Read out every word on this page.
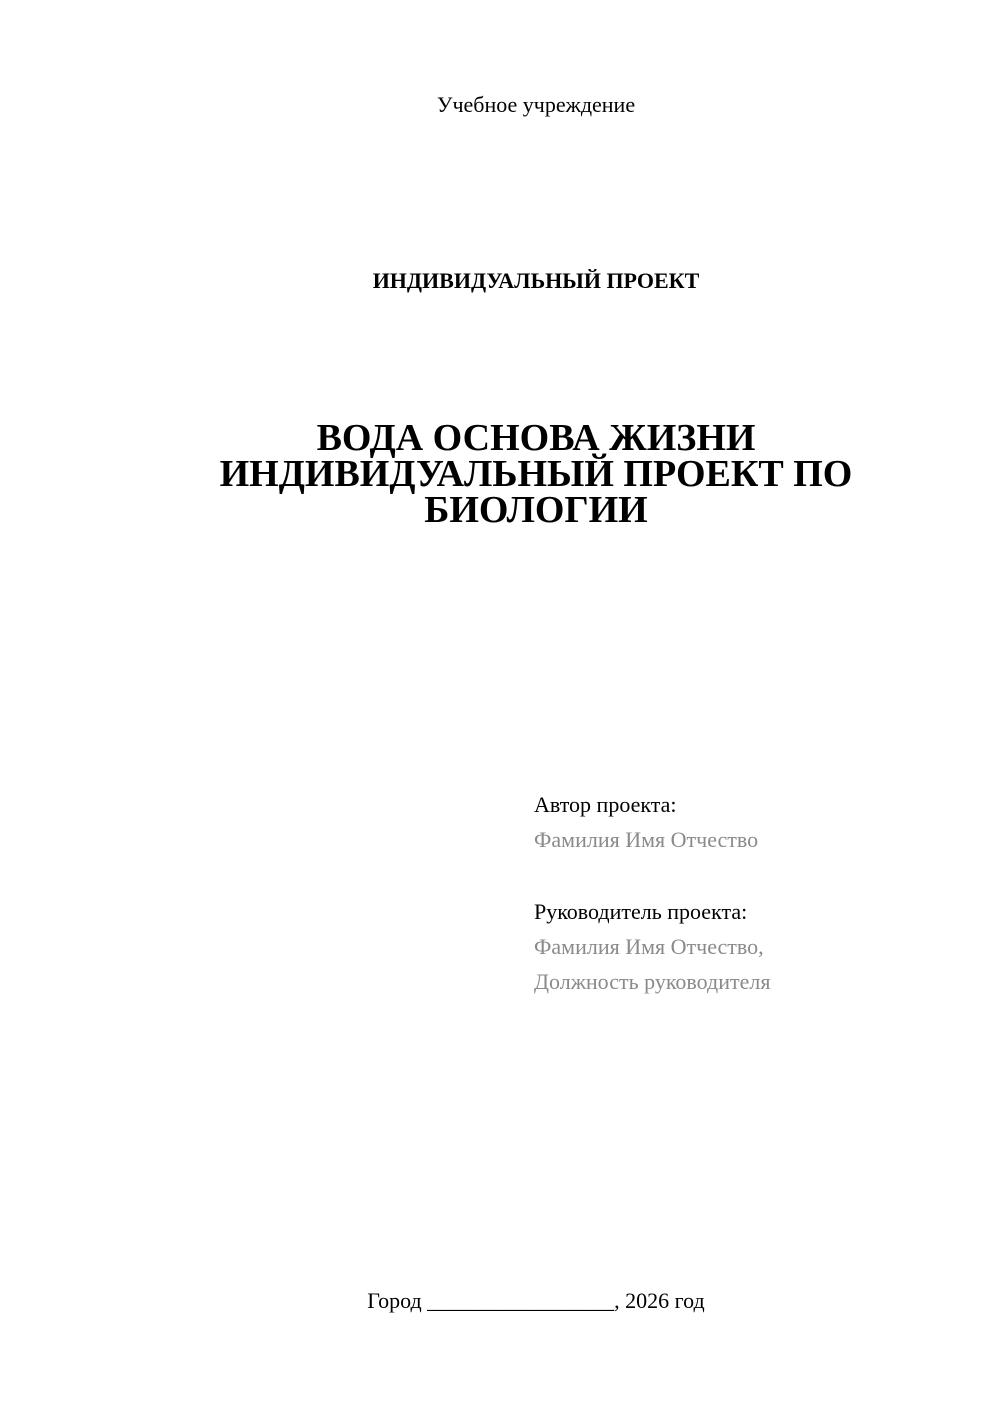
Учебное учреждение
ИНДИВИДУАЛЬНЫЙ ПРОЕКТ
ВОДА ОСНОВА ЖИЗНИ
ИНДИВИДУАЛЬНЫЙ ПРОЕКТ ПО
БИОЛОГИИ
Автор проекта:
Фамилия Имя Отчество
Руководитель проекта:
Фамилия Имя Отчество,
Должность руководителя
Город _________________, 2026 год
